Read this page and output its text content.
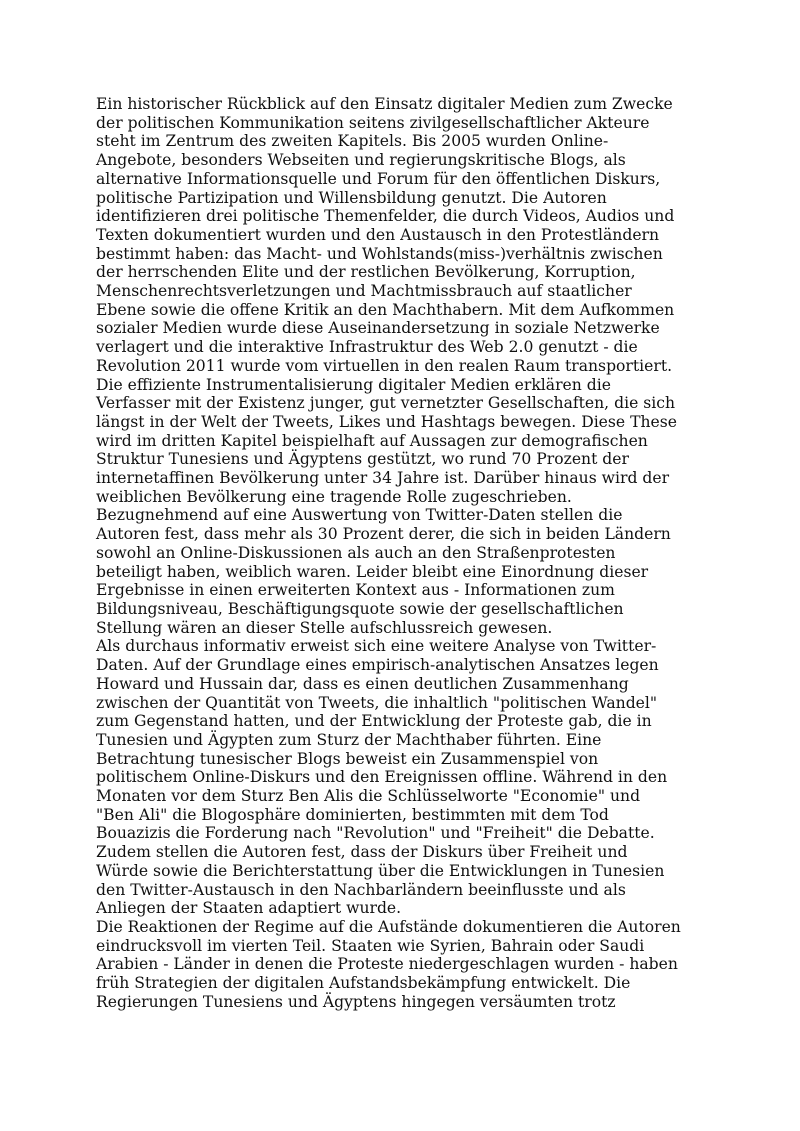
Ein historischer Rückblick auf den Einsatz digitaler Medien zum Zwecke
der politischen Kommunikation seitens zivilgesellschaftlicher Akteure
steht im Zentrum des zweiten Kapitels. Bis 2005 wurden Online-
Angebote, besonders Webseiten und regierungskritische Blogs, als
alternative Informationsquelle und Forum für den öffentlichen Diskurs,
politische Partizipation und Willensbildung genutzt. Die Autoren
identifizieren drei politische Themenfelder, die durch Videos, Audios und
Texten dokumentiert wurden und den Austausch in den Protestländern
bestimmt haben: das Macht- und Wohlstands(miss-)verhältnis zwischen
der herrschenden Elite und der restlichen Bevölkerung, Korruption,
Menschenrechtsverletzungen und Machtmissbrauch auf staatlicher
Ebene sowie die offene Kritik an den Machthabern. Mit dem Aufkommen
sozialer Medien wurde diese Auseinandersetzung in soziale Netzwerke
verlagert und die interaktive Infrastruktur des Web 2.0 genutzt - die
Revolution 2011 wurde vom virtuellen in den realen Raum transportiert.
Die effiziente Instrumentalisierung digitaler Medien erklären die
Verfasser mit der Existenz junger, gut vernetzter Gesellschaften, die sich
längst in der Welt der Tweets, Likes und Hashtags bewegen. Diese These
wird im dritten Kapitel beispielhaft auf Aussagen zur demografischen
Struktur Tunesiens und Ägyptens gestützt, wo rund 70 Prozent der
internetaffinen Bevölkerung unter 34 Jahre ist. Darüber hinaus wird der
weiblichen Bevölkerung eine tragende Rolle zugeschrieben.
Bezugnehmend auf eine Auswertung von Twitter-Daten stellen die
Autoren fest, dass mehr als 30 Prozent derer, die sich in beiden Ländern
sowohl an Online-Diskussionen als auch an den Straßenprotesten
beteiligt haben, weiblich waren. Leider bleibt eine Einordnung dieser
Ergebnisse in einen erweiterten Kontext aus - Informationen zum
Bildungsniveau, Beschäftigungsquote sowie der gesellschaftlichen
Stellung wären an dieser Stelle aufschlussreich gewesen.
Als durchaus informativ erweist sich eine weitere Analyse von Twitter-
Daten. Auf der Grundlage eines empirisch-analytischen Ansatzes legen
Howard und Hussain dar, dass es einen deutlichen Zusammenhang
zwischen der Quantität von Tweets, die inhaltlich "politischen Wandel"
zum Gegenstand hatten, und der Entwicklung der Proteste gab, die in
Tunesien und Ägypten zum Sturz der Machthaber führten. Eine
Betrachtung tunesischer Blogs beweist ein Zusammenspiel von
politischem Online-Diskurs und den Ereignissen offline. Während in den
Monaten vor dem Sturz Ben Alis die Schlüsselworte "Economie" und
"Ben Ali" die Blogosphäre dominierten, bestimmten mit dem Tod
Bouazizis die Forderung nach "Revolution" und "Freiheit" die Debatte.
Zudem stellen die Autoren fest, dass der Diskurs über Freiheit und
Würde sowie die Berichterstattung über die Entwicklungen in Tunesien
den Twitter-Austausch in den Nachbarländern beeinflusste und als
Anliegen der Staaten adaptiert wurde.
Die Reaktionen der Regime auf die Aufstände dokumentieren die Autoren
eindrucksvoll im vierten Teil. Staaten wie Syrien, Bahrain oder Saudi
Arabien - Länder in denen die Proteste niedergeschlagen wurden - haben
früh Strategien der digitalen Aufstandsbekämpfung entwickelt. Die
Regierungen Tunesiens und Ägyptens hingegen versäumten trotz
